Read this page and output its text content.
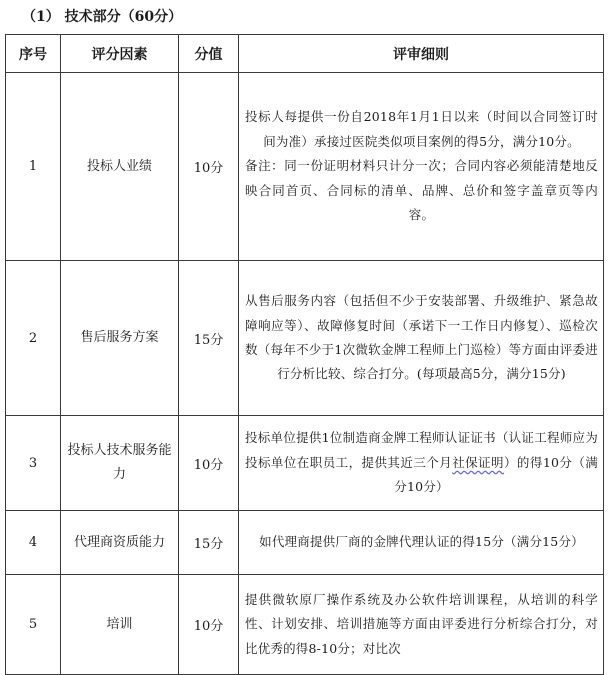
（1） 技术部分（60分）
序号	评分因素	分值	评审细则
1	投标人业绩	10分	投标人每提供一份自2018年1月1日以来（时间以合同签订时间为准）承接过医院类似项目案例的得5分，满分10分。
备注：同一份证明材料只计分一次；合同内容必须能清楚地反映合同首页、合同标的清单、品牌、总价和签字盖章页等内容。

2	售后服务方案	15分	从售后服务内容（包括但不少于安装部署、升级维护、紧急故障响应等）、故障修复时间（承诺下一工作日内修复）、巡检次数（每年不少于1次微软金牌工程师上门巡检）等方面由评委进行分析比较、综合打分。(每项最高5分，满分15分)

3	投标人技术服务能力	10分	投标单位提供1位制造商金牌工程师认证证书（认证工程师应为投标单位在职员工，提供其近三个月社保证明）的得10分（满分10分）

4	代理商资质能力	15分	如代理商提供厂商的金牌代理认证的得15分（满分15分）

5	培训	10分	提供微软原厂操作系统及办公软件培训课程，从培训的科学性、计划安排、培训措施等方面由评委进行分析综合打分，对比优秀的得8-10分；对比次
